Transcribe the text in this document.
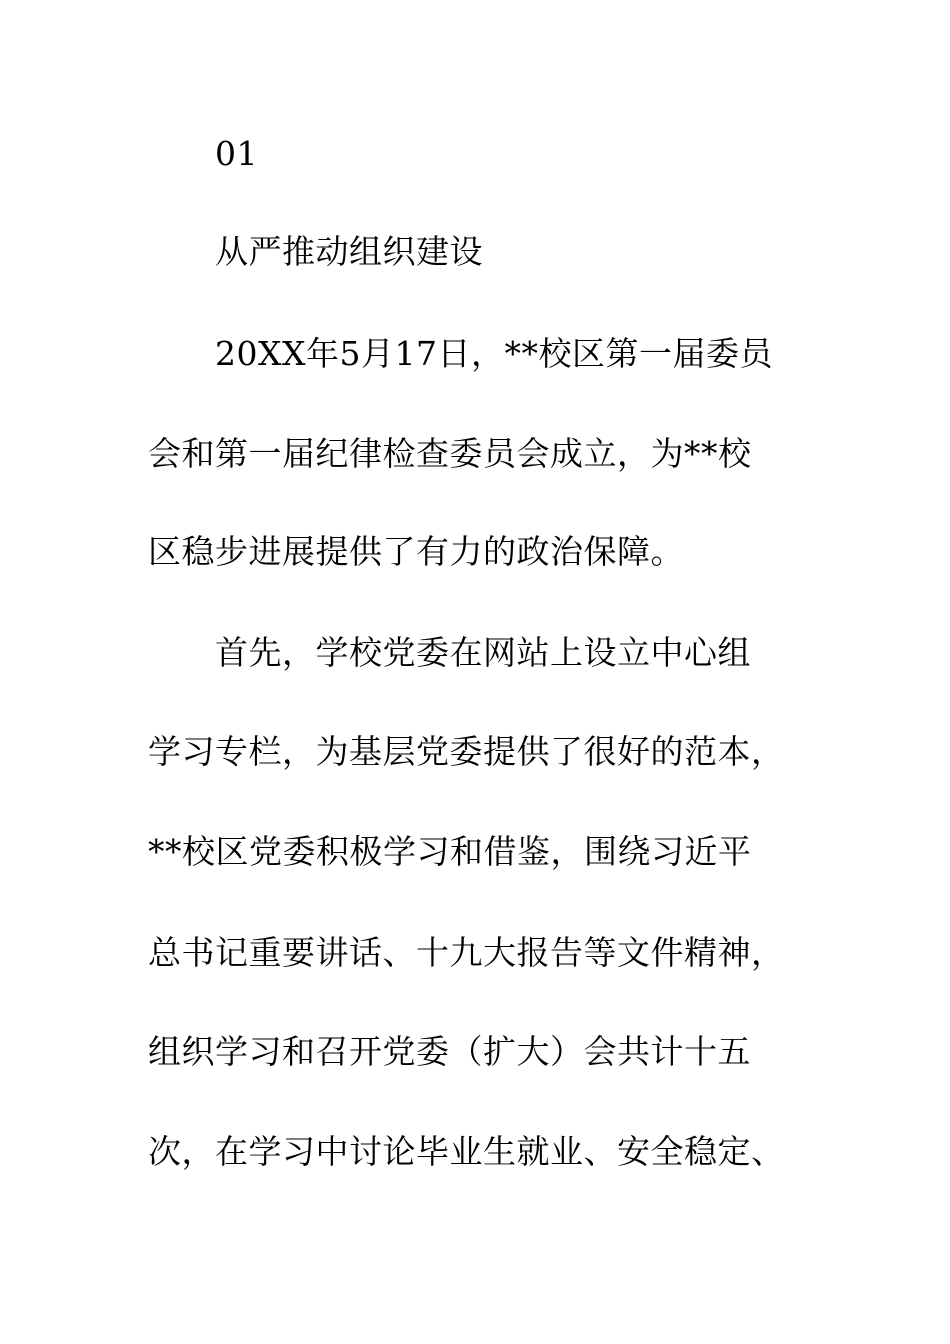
01

从严推动组织建设

20XX年5月17日，**校区第一届委员

会和第一届纪律检查委员会成立，为**校

区稳步进展提供了有力的政治保障。

首先，学校党委在网站上设立中心组

学习专栏，为基层党委提供了很好的范本，

**校区党委积极学习和借鉴，围绕习近平

总书记重要讲话、十九大报告等文件精神，

组织学习和召开党委（扩大）会共计十五

次，在学习中讨论毕业生就业、安全稳定、
